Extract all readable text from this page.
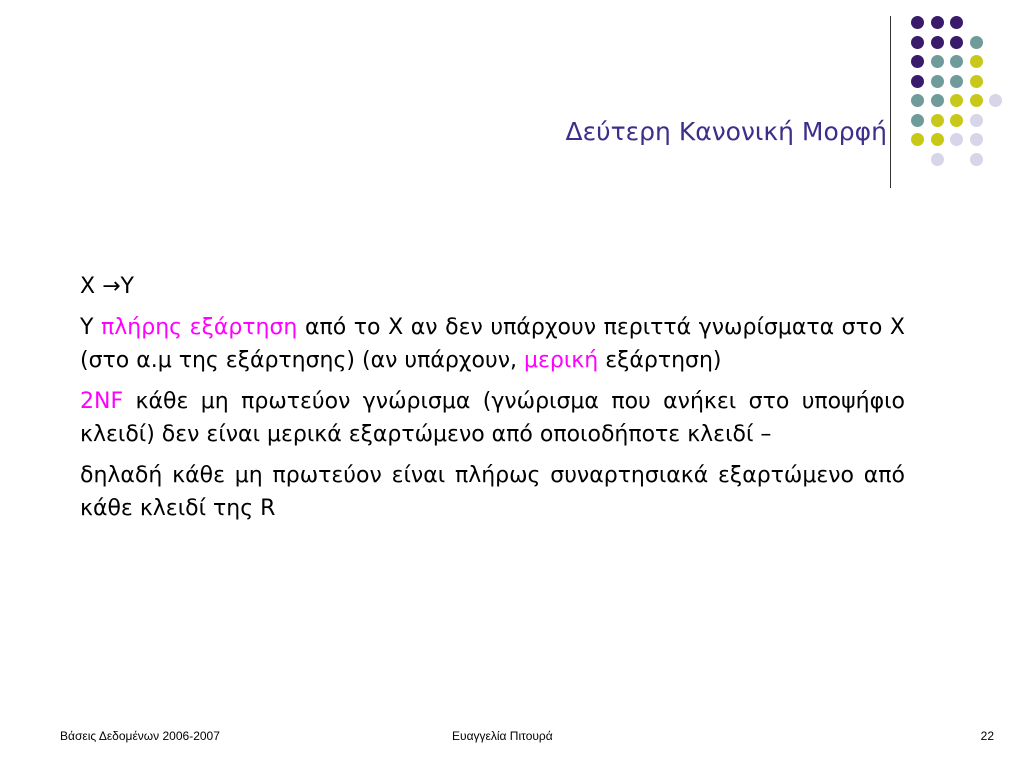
Δεύτερη Κανονική Μορφή

X →Y

Y πλήρης εξάρτηση από το X αν δεν υπάρχουν περιττά γνωρίσματα στο X (στο α.μ της εξάρτησης) (αν υπάρχουν, μερική εξάρτηση)

2NF κάθε μη πρωτεύον γνώρισμα (γνώρισμα που ανήκει στο υποψήφιο κλειδί) δεν είναι μερικά εξαρτώμενο από οποιοδήποτε κλειδί –

δηλαδή κάθε μη πρωτεύον είναι πλήρως συναρτησιακά εξαρτώμενο από κάθε κλειδί της R

Βάσεις Δεδομένων 2006-2007	Ευαγγελία Πιτουρά	22
